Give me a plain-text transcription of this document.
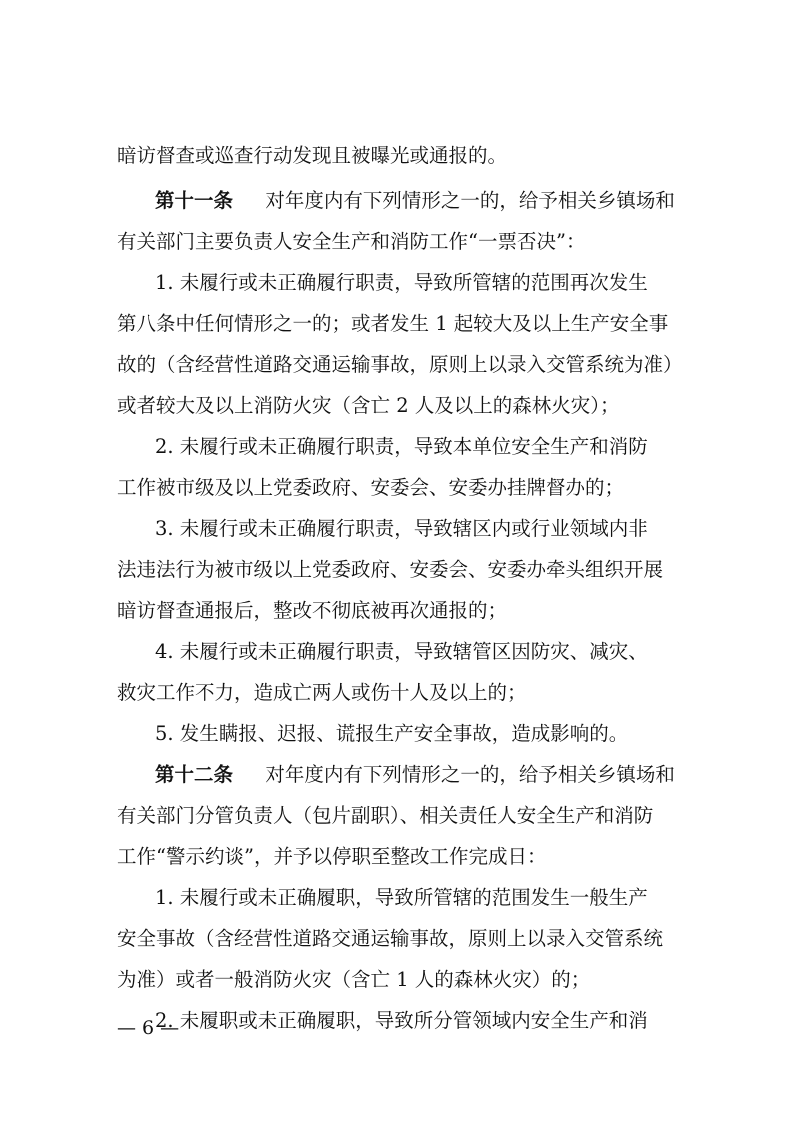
暗访督查或巡查行动发现且被曝光或通报的。
第十一条 对年度内有下列情形之一的，给予相关乡镇场和
有关部门主要负责人安全生产和消防工作“一票否决”：
1. 未履行或未正确履行职责，导致所管辖的范围再次发生
第八条中任何情形之一的；或者发生 1 起较大及以上生产安全事
故的（含经营性道路交通运输事故，原则上以录入交管系统为准）
或者较大及以上消防火灾（含亡 2 人及以上的森林火灾）；
2. 未履行或未正确履行职责，导致本单位安全生产和消防
工作被市级及以上党委政府、安委会、安委办挂牌督办的；
3. 未履行或未正确履行职责，导致辖区内或行业领域内非
法违法行为被市级以上党委政府、安委会、安委办牵头组织开展
暗访督查通报后，整改不彻底被再次通报的；
4. 未履行或未正确履行职责，导致辖管区因防灾、减灾、
救灾工作不力，造成亡两人或伤十人及以上的；
5. 发生瞒报、迟报、谎报生产安全事故，造成影响的。
第十二条 对年度内有下列情形之一的，给予相关乡镇场和
有关部门分管负责人（包片副职）、相关责任人安全生产和消防
工作“警示约谈”，并予以停职至整改工作完成日：
1. 未履行或未正确履职，导致所管辖的范围发生一般生产
安全事故（含经营性道路交通运输事故，原则上以录入交管系统
为准）或者一般消防火灾（含亡 1 人的森林火灾）的；
2. 未履职或未正确履职，导致所分管领域内安全生产和消
— 6 —
